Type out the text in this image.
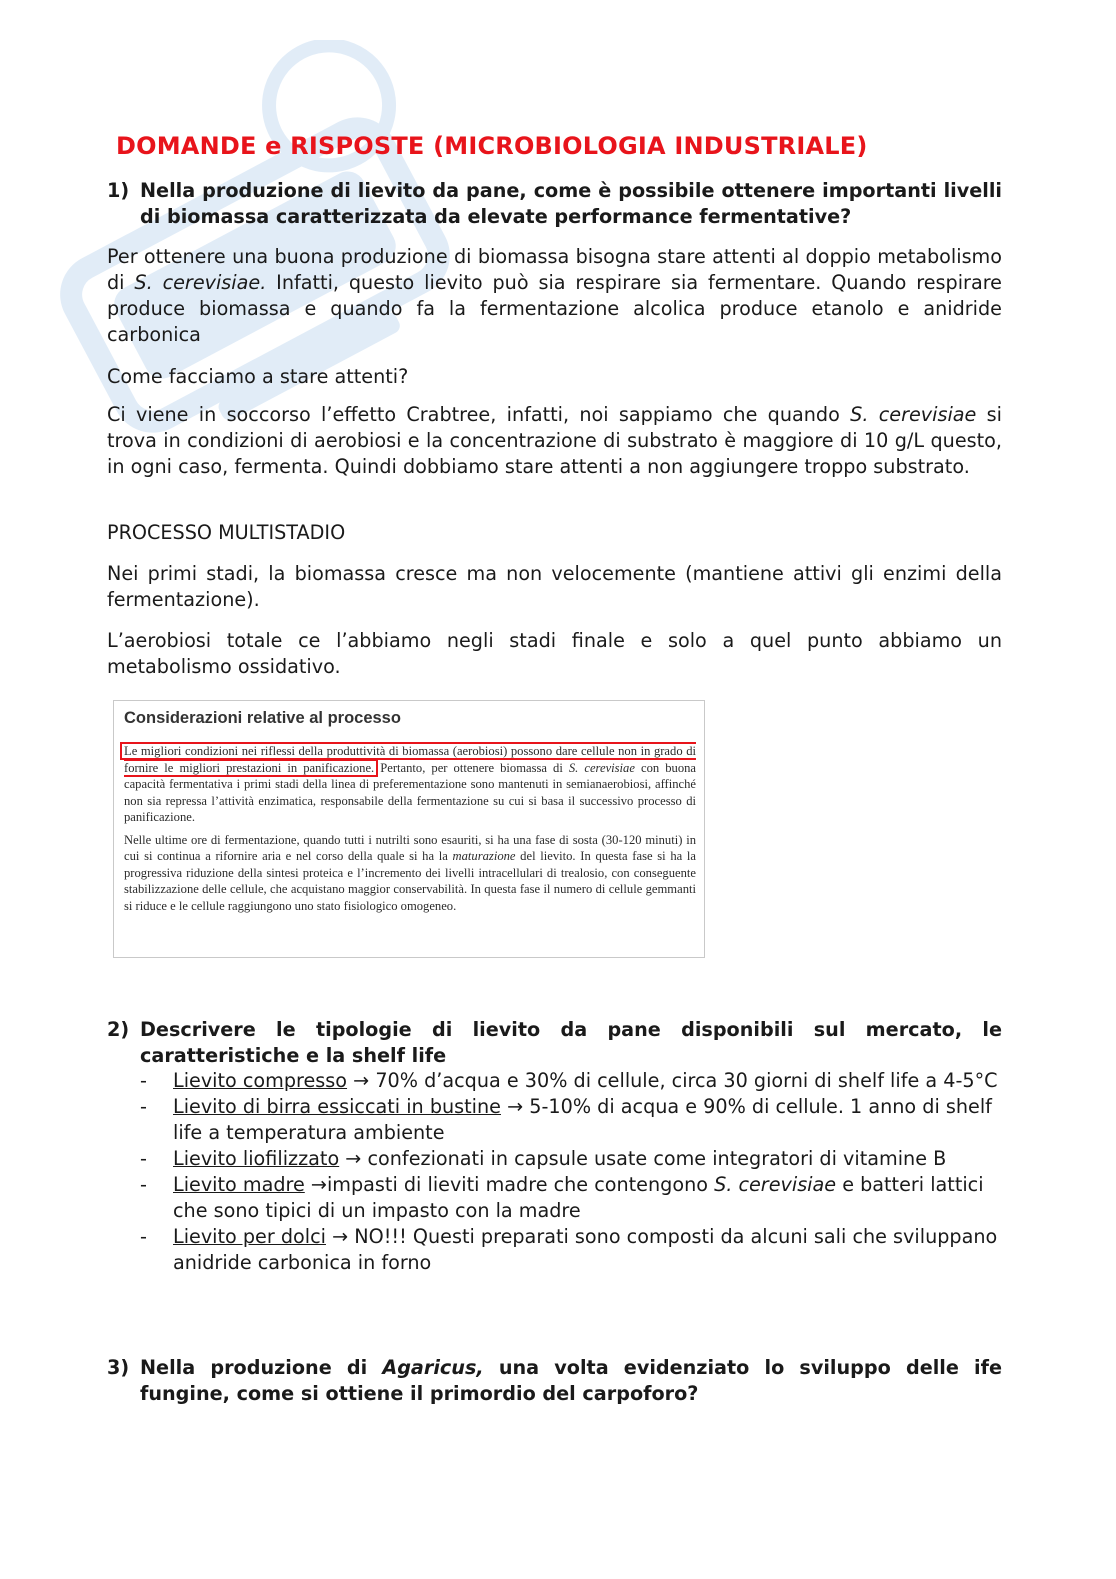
DOMANDE e RISPOSTE (MICROBIOLOGIA INDUSTRIALE)
1) Nella produzione di lievito da pane, come è possibile ottenere importanti livelli di biomassa caratterizzata da elevate performance fermentative?
Per ottenere una buona produzione di biomassa bisogna stare attenti al doppio metabolismo di S. cerevisiae. Infatti, questo lievito può sia respirare sia fermentare. Quando respirare produce biomassa e quando fa la fermentazione alcolica produce etanolo e anidride carbonica
Come facciamo a stare attenti?
Ci viene in soccorso l’effetto Crabtree, infatti, noi sappiamo che quando S. cerevisiae si trova in condizioni di aerobiosi e la concentrazione di substrato è maggiore di 10 g/L questo, in ogni caso, fermenta. Quindi dobbiamo stare attenti a non aggiungere troppo substrato.
PROCESSO MULTISTADIO
Nei primi stadi, la biomassa cresce ma non velocemente (mantiene attivi gli enzimi della fermentazione).
L’aerobiosi totale ce l’abbiamo negli stadi finale e solo a quel punto abbiamo un metabolismo ossidativo.
Considerazioni relative al processo

Le migliori condizioni nei riflessi della produttività di biomassa (aerobiosi) possono dare cellule non in grado di fornire le migliori prestazioni in panificazione. Pertanto, per ottenere biomassa di S. cerevisiae con buona capacità fermentativa i primi stadi della linea di preferementazione sono mantenuti in semianaerobiosi, affinché non sia repressa l’attività enzimatica, responsabile della fermentazione su cui si basa il successivo processo di panificazione.

Nelle ultime ore di fermentazione, quando tutti i nutrilti sono esauriti, si ha una fase di sosta (30-120 minuti) in cui si continua a rifornire aria e nel corso della quale si ha la maturazione del lievito. In questa fase si ha la progressiva riduzione della sintesi proteica e l’incremento dei livelli intracellulari di trealosio, con conseguente stabilizzazione delle cellule, che acquistano maggior conservabilità. In questa fase il numero di cellule gemmanti si riduce e le cellule raggiungono uno stato fisiologico omogeneo.

2) Descrivere le tipologie di lievito da pane disponibili sul mercato, le caratteristiche e la shelf life
- Lievito compresso → 70% d’acqua e 30% di cellule, circa 30 giorni di shelf life a 4-5°C
- Lievito di birra essiccati in bustine → 5-10% di acqua e 90% di cellule. 1 anno di shelf life a temperatura ambiente
- Lievito liofilizzato → confezionati in capsule usate come integratori di vitamine B
- Lievito madre →impasti di lieviti madre che contengono S. cerevisiae e batteri lattici che sono tipici di un impasto con la madre
- Lievito per dolci → NO!!! Questi preparati sono composti da alcuni sali che sviluppano anidride carbonica in forno
3) Nella produzione di Agaricus, una volta evidenziato lo sviluppo delle ife fungine, come si ottiene il primordio del carpoforo?
